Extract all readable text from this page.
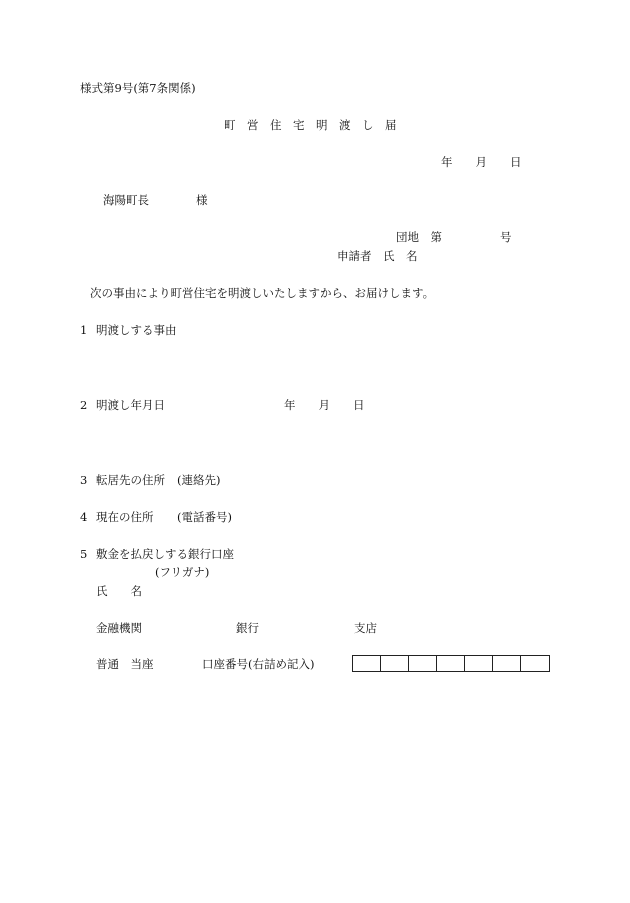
様式第9号(第7条関係)
町　営　住　宅　明　渡　し　届
年　　月　　日
海陽町長	様
団地　第	号
申請者　氏　名
次の事由により町営住宅を明渡しいたしますから、お届けします。
1 明渡しする事由
2 明渡し年月日	年　　月　　日
3 転居先の住所 (連絡先)
4 現在の住所 (電話番号)
5 敷金を払戻しする銀行口座
(フリガナ)
氏　　名
金融機関	銀行	支店
普通　当座	口座番号(右詰め記入)
